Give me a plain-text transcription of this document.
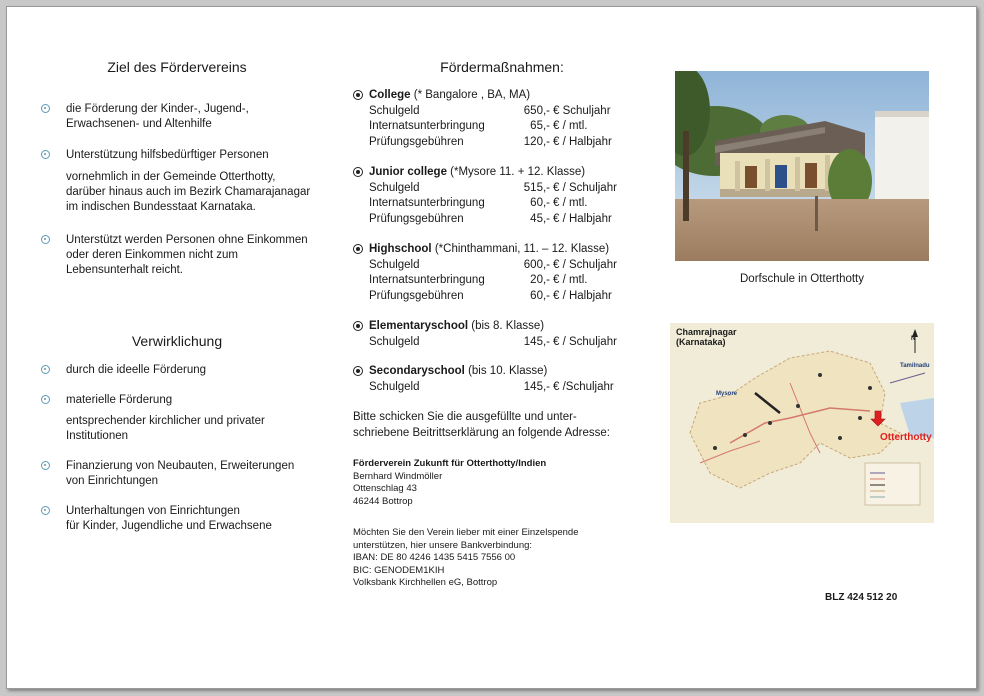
Ziel des Fördervereins
die Förderung der Kinder-, Jugend-,
Erwachsenen- und Altenhilfe
Unterstützung hilfsbedürftiger Personen
vornehmlich in der Gemeinde Otterthotty,
darüber hinaus auch im Bezirk Chamarajanagar
im indischen Bundesstaat Karnataka.
Unterstützt werden Personen ohne Einkommen
oder deren Einkommen nicht zum
Lebensunterhalt reicht.
Verwirklichung
durch die ideelle Förderung
materielle Förderung
entsprechender kirchlicher und privater
Institutionen
Finanzierung von Neubauten, Erweiterungen
von Einrichtungen
Unterhaltungen von Einrichtungen
für Kinder, Jugendliche und Erwachsene
Fördermaßnahmen:
College (* Bangalore , BA, MA)
Schulgeld	650,- € Schuljahr
Internatsunterbringung	65,- € / mtl.
Prüfungsgebühren	120,- € / Halbjahr
Junior college (*Mysore 11. + 12. Klasse)
Schulgeld	515,- € / Schuljahr
Internatsunterbringung	60,- € / mtl.
Prüfungsgebühren	45,- € / Halbjahr
Highschool (*Chinthammani, 11. – 12. Klasse)
Schulgeld	600,- € / Schuljahr
Internatsunterbringung	20,- € / mtl.
Prüfungsgebühren	60,- € / Halbjahr
Elementaryschool (bis 8. Klasse)
Schulgeld	145,- € / Schuljahr
Secondaryschool (bis 10. Klasse)
Schulgeld	145,- € /Schuljahr
Bitte schicken Sie die ausgefüllte und unter-
schriebene Beitrittserklärung an folgende Adresse:
Förderverein Zukunft für Otterthotty/Indien
Bernhard Windmöller
Ottenschlag 43
46244 Bottrop
Möchten Sie den Verein lieber mit einer Einzelspende
unterstützen, hier unsere Bankverbindung:
IBAN: DE 80 4246 1435 5415 7556 00
BIC: GENODEM1KIH
Volksbank Kirchhellen eG, Bottrop
Dorfschule in Otterthotty
Chamrajnagar
(Karnataka)	N
Mysore
Tamilnadu
Otterthotty
BLZ 424 512 20
